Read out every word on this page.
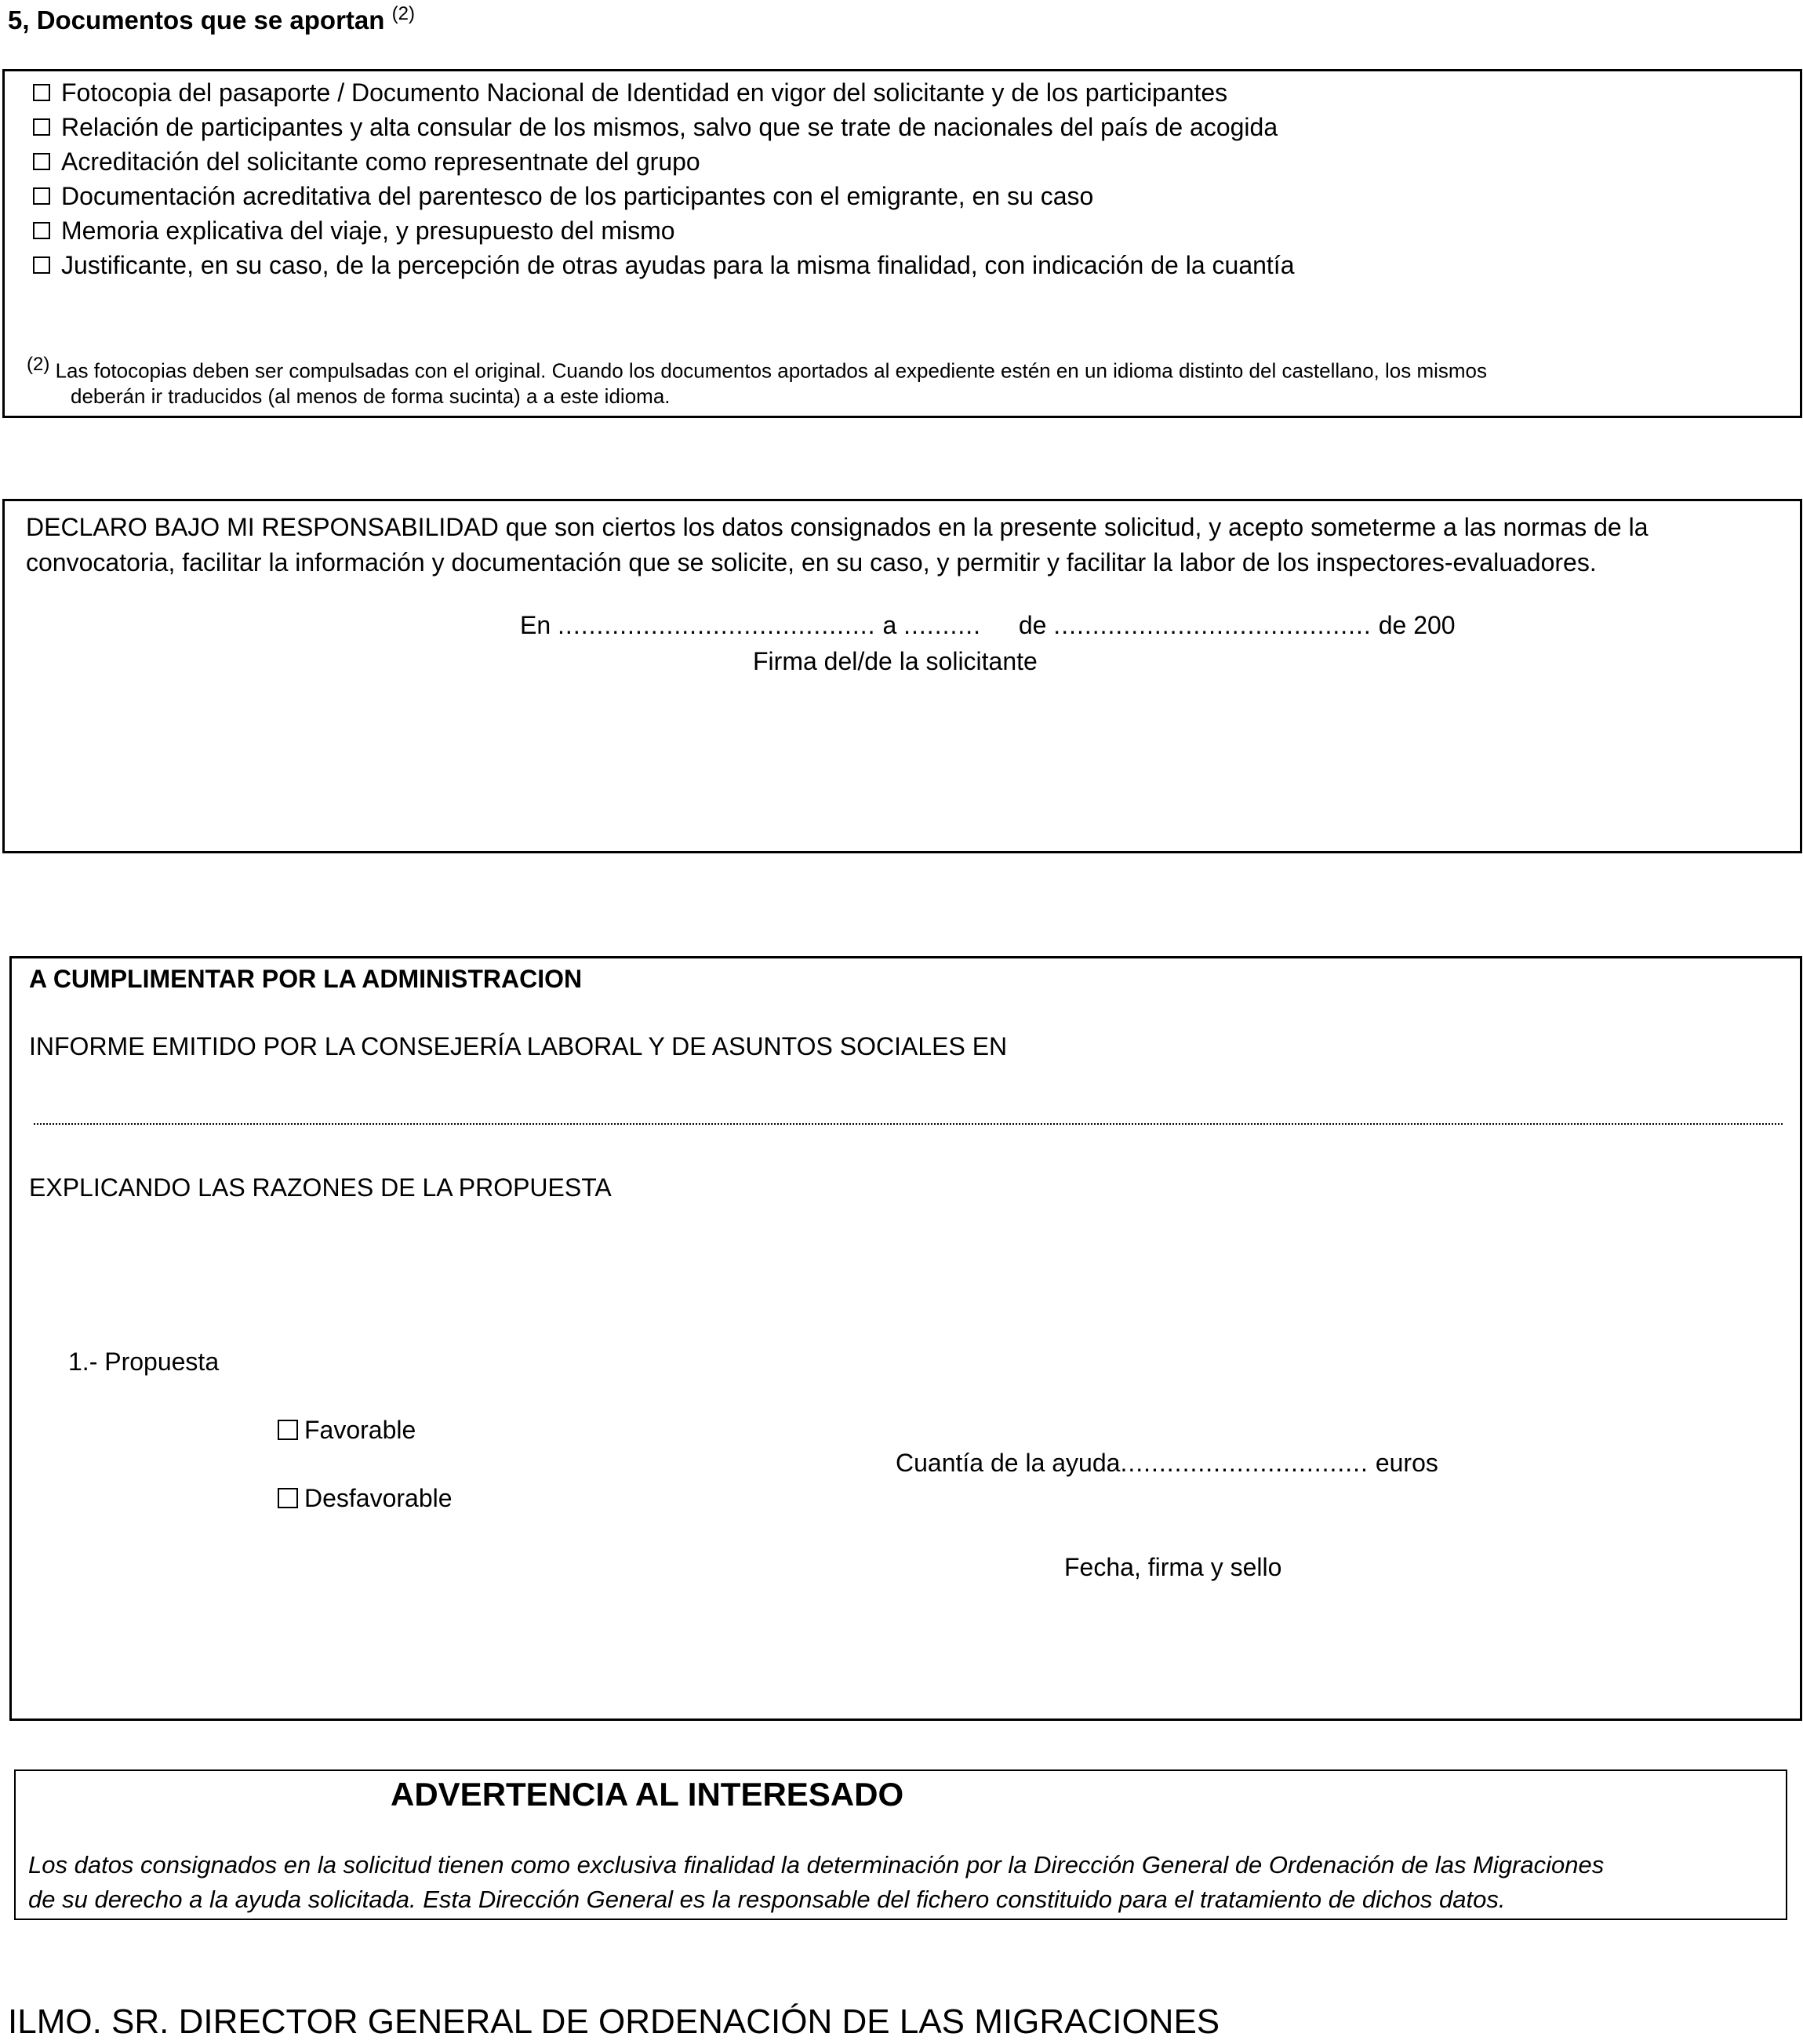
5, Documentos que se aportan $^{(2)}$
Fotocopia del pasaporte / Documento Nacional de Identidad en vigor del solicitante y de los participantes
Relación de participantes y alta consular de los mismos, salvo que se trate de nacionales del país de acogida
Acreditación del solicitante como representnate del grupo
Documentación acreditativa del parentesco de los participantes con el emigrante, en su caso
Memoria explicativa del viaje, y presupuesto del mismo
Justificante, en su caso, de la percepción de otras ayudas para la misma finalidad, con indicación de la cuantía
(2) Las fotocopias deben ser compulsadas con el original. Cuando los documentos aportados al expediente estén en un idioma distinto del castellano, los mismos
deberán ir traducidos (al menos de forma sucinta) a a este idioma.
DECLARO BAJO MI RESPONSABILIDAD que son ciertos los datos consignados en la presente solicitud, y acepto someterme a las normas de la
convocatoria, facilitar la información y documentación que se solicite, en su caso, y permitir y facilitar la labor de los inspectores-evaluadores.
En ......................................... a .......... de ......................................... de 200
Firma del/de la solicitante
A CUMPLIMENTAR POR LA ADMINISTRACION
INFORME EMITIDO POR LA CONSEJERÍA LABORAL Y DE ASUNTOS SOCIALES EN
EXPLICANDO LAS RAZONES DE LA PROPUESTA
1.- Propuesta
Favorable
Desfavorable
Cuantía de la ayuda................................ euros
Fecha, firma y sello
ADVERTENCIA AL INTERESADO
Los datos consignados en la solicitud tienen como exclusiva finalidad la determinación por la Dirección General de Ordenación de las Migraciones
de su derecho a la ayuda solicitada. Esta Dirección General es la responsable del fichero constituido para el tratamiento de dichos datos.
ILMO. SR. DIRECTOR GENERAL DE ORDENACIÓN DE LAS MIGRACIONES
